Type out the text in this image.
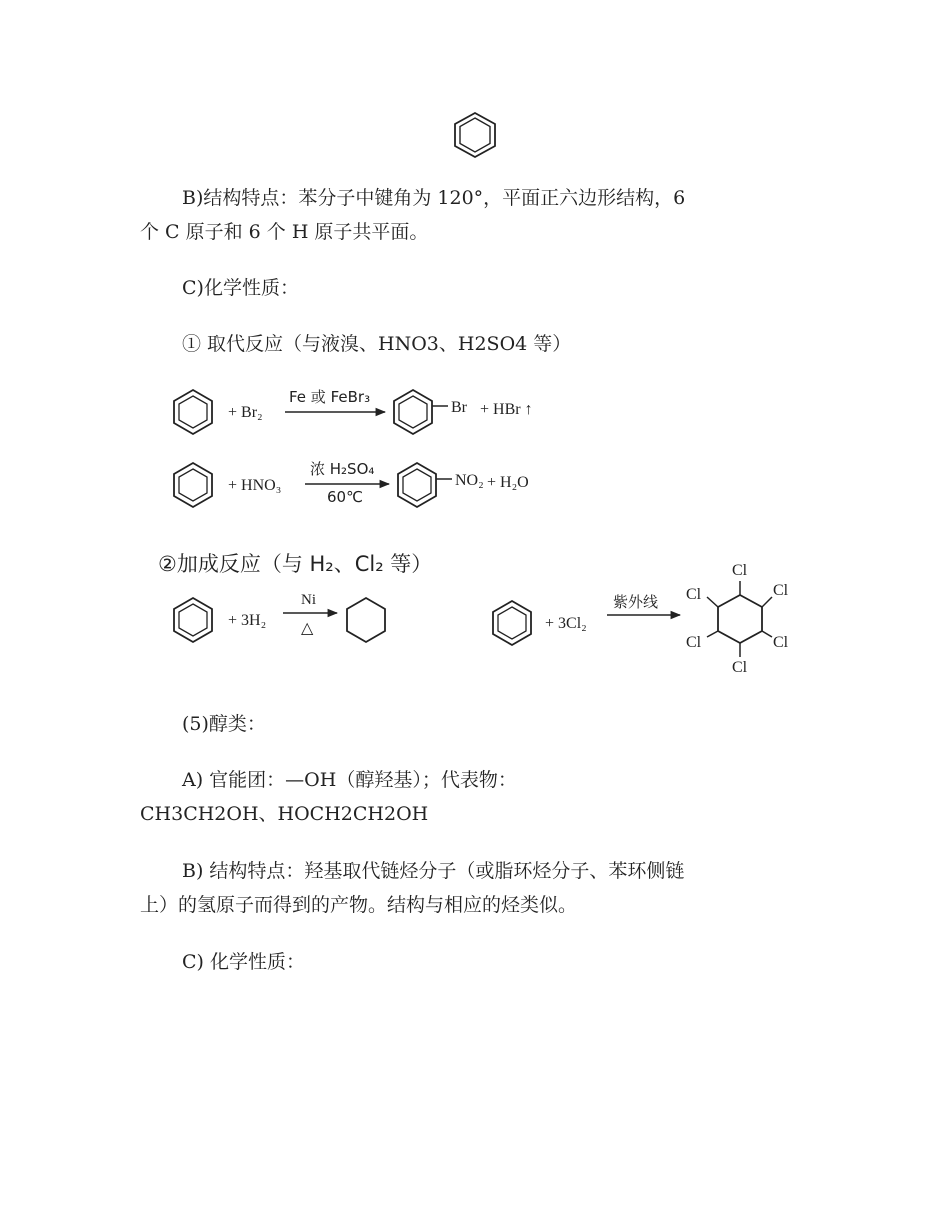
B)结构特点：苯分子中键角为 120°，平面正六边形结构，6

个 C 原子和 6 个 H 原子共平面。

C)化学性质：

① 取代反应（与液溴、HNO3、H2SO4 等）

+ Br₂
Fe 或 FeBr₃
Br + HBr ↑
+ HNO₃
浓 H₂SO₄
60℃
NO₂ + H₂O
②加成反应（与 H₂、Cl₂ 等）
+ 3H₂
Ni
△	+ 3Cl₂
紫外线
Cl
Cl
Cl
Cl
Cl
Cl

(5)醇类：

A) 官能团：—OH（醇羟基）；代表物：

CH3CH2OH、HOCH2CH2OH

B) 结构特点：羟基取代链烃分子（或脂环烃分子、苯环侧链

上）的氢原子而得到的产物。结构与相应的烃类似。

C) 化学性质：
